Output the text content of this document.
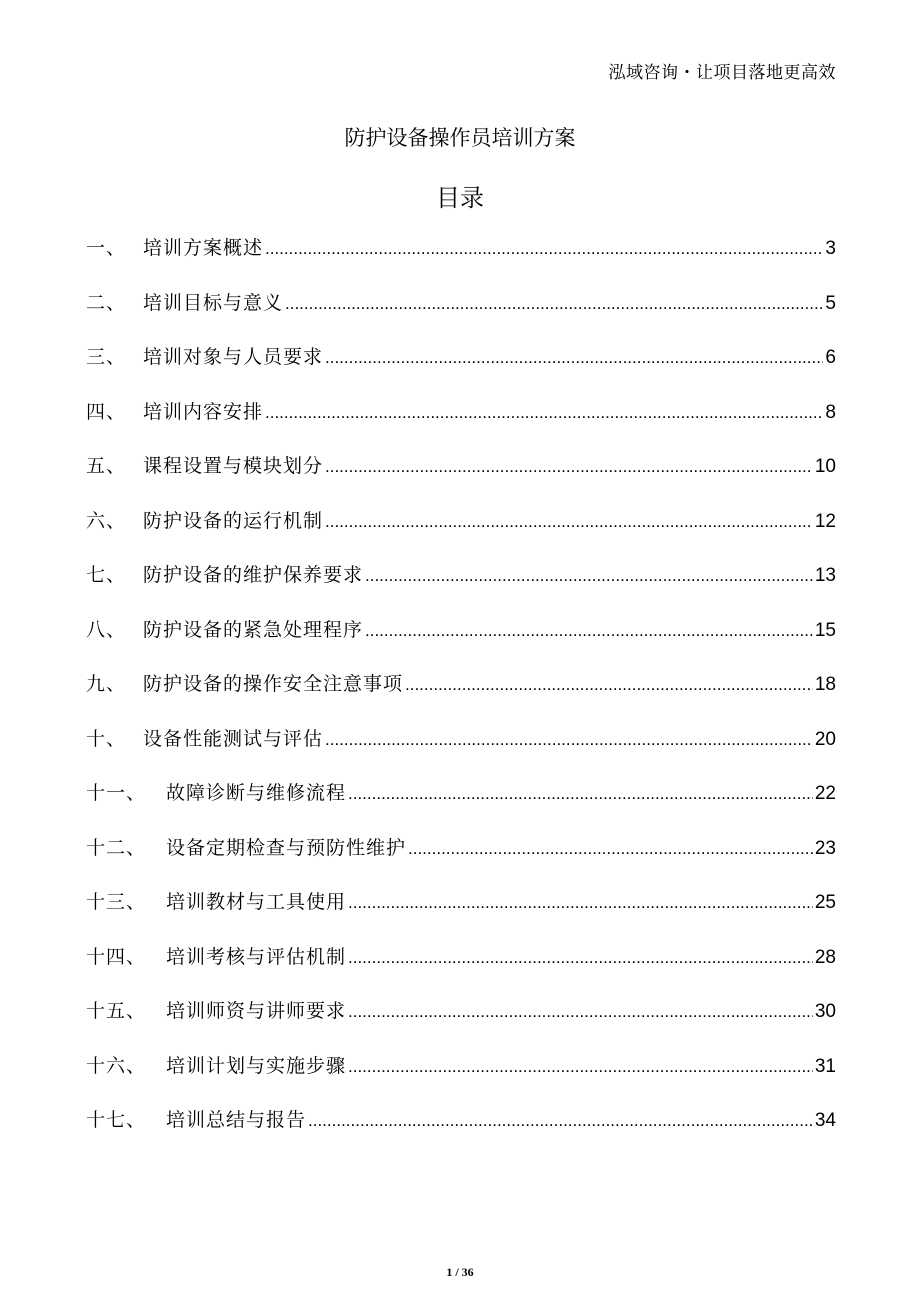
泓域咨询・让项目落地更高效
防护设备操作员培训方案
目录
一、 培训方案概述 .....	3
二、 培训目标与意义 .....	5
三、 培训对象与人员要求 .....	6
四、 培训内容安排 .....	8
五、 课程设置与模块划分 .....	10
六、 防护设备的运行机制 .....	12
七、 防护设备的维护保养要求 .....	13
八、 防护设备的紧急处理程序 .....	15
九、 防护设备的操作安全注意事项 .....	18
十、 设备性能测试与评估 .....	20
十一、	故障诊断与维修流程 .....	22
十二、	设备定期检查与预防性维护 .....	23
十三、	培训教材与工具使用 .....	25
十四、	培训考核与评估机制 .....	28
十五、	培训师资与讲师要求 .....	30
十六、	培训计划与实施步骤 .....	31
十七、	培训总结与报告 .....	34
1 / 36
